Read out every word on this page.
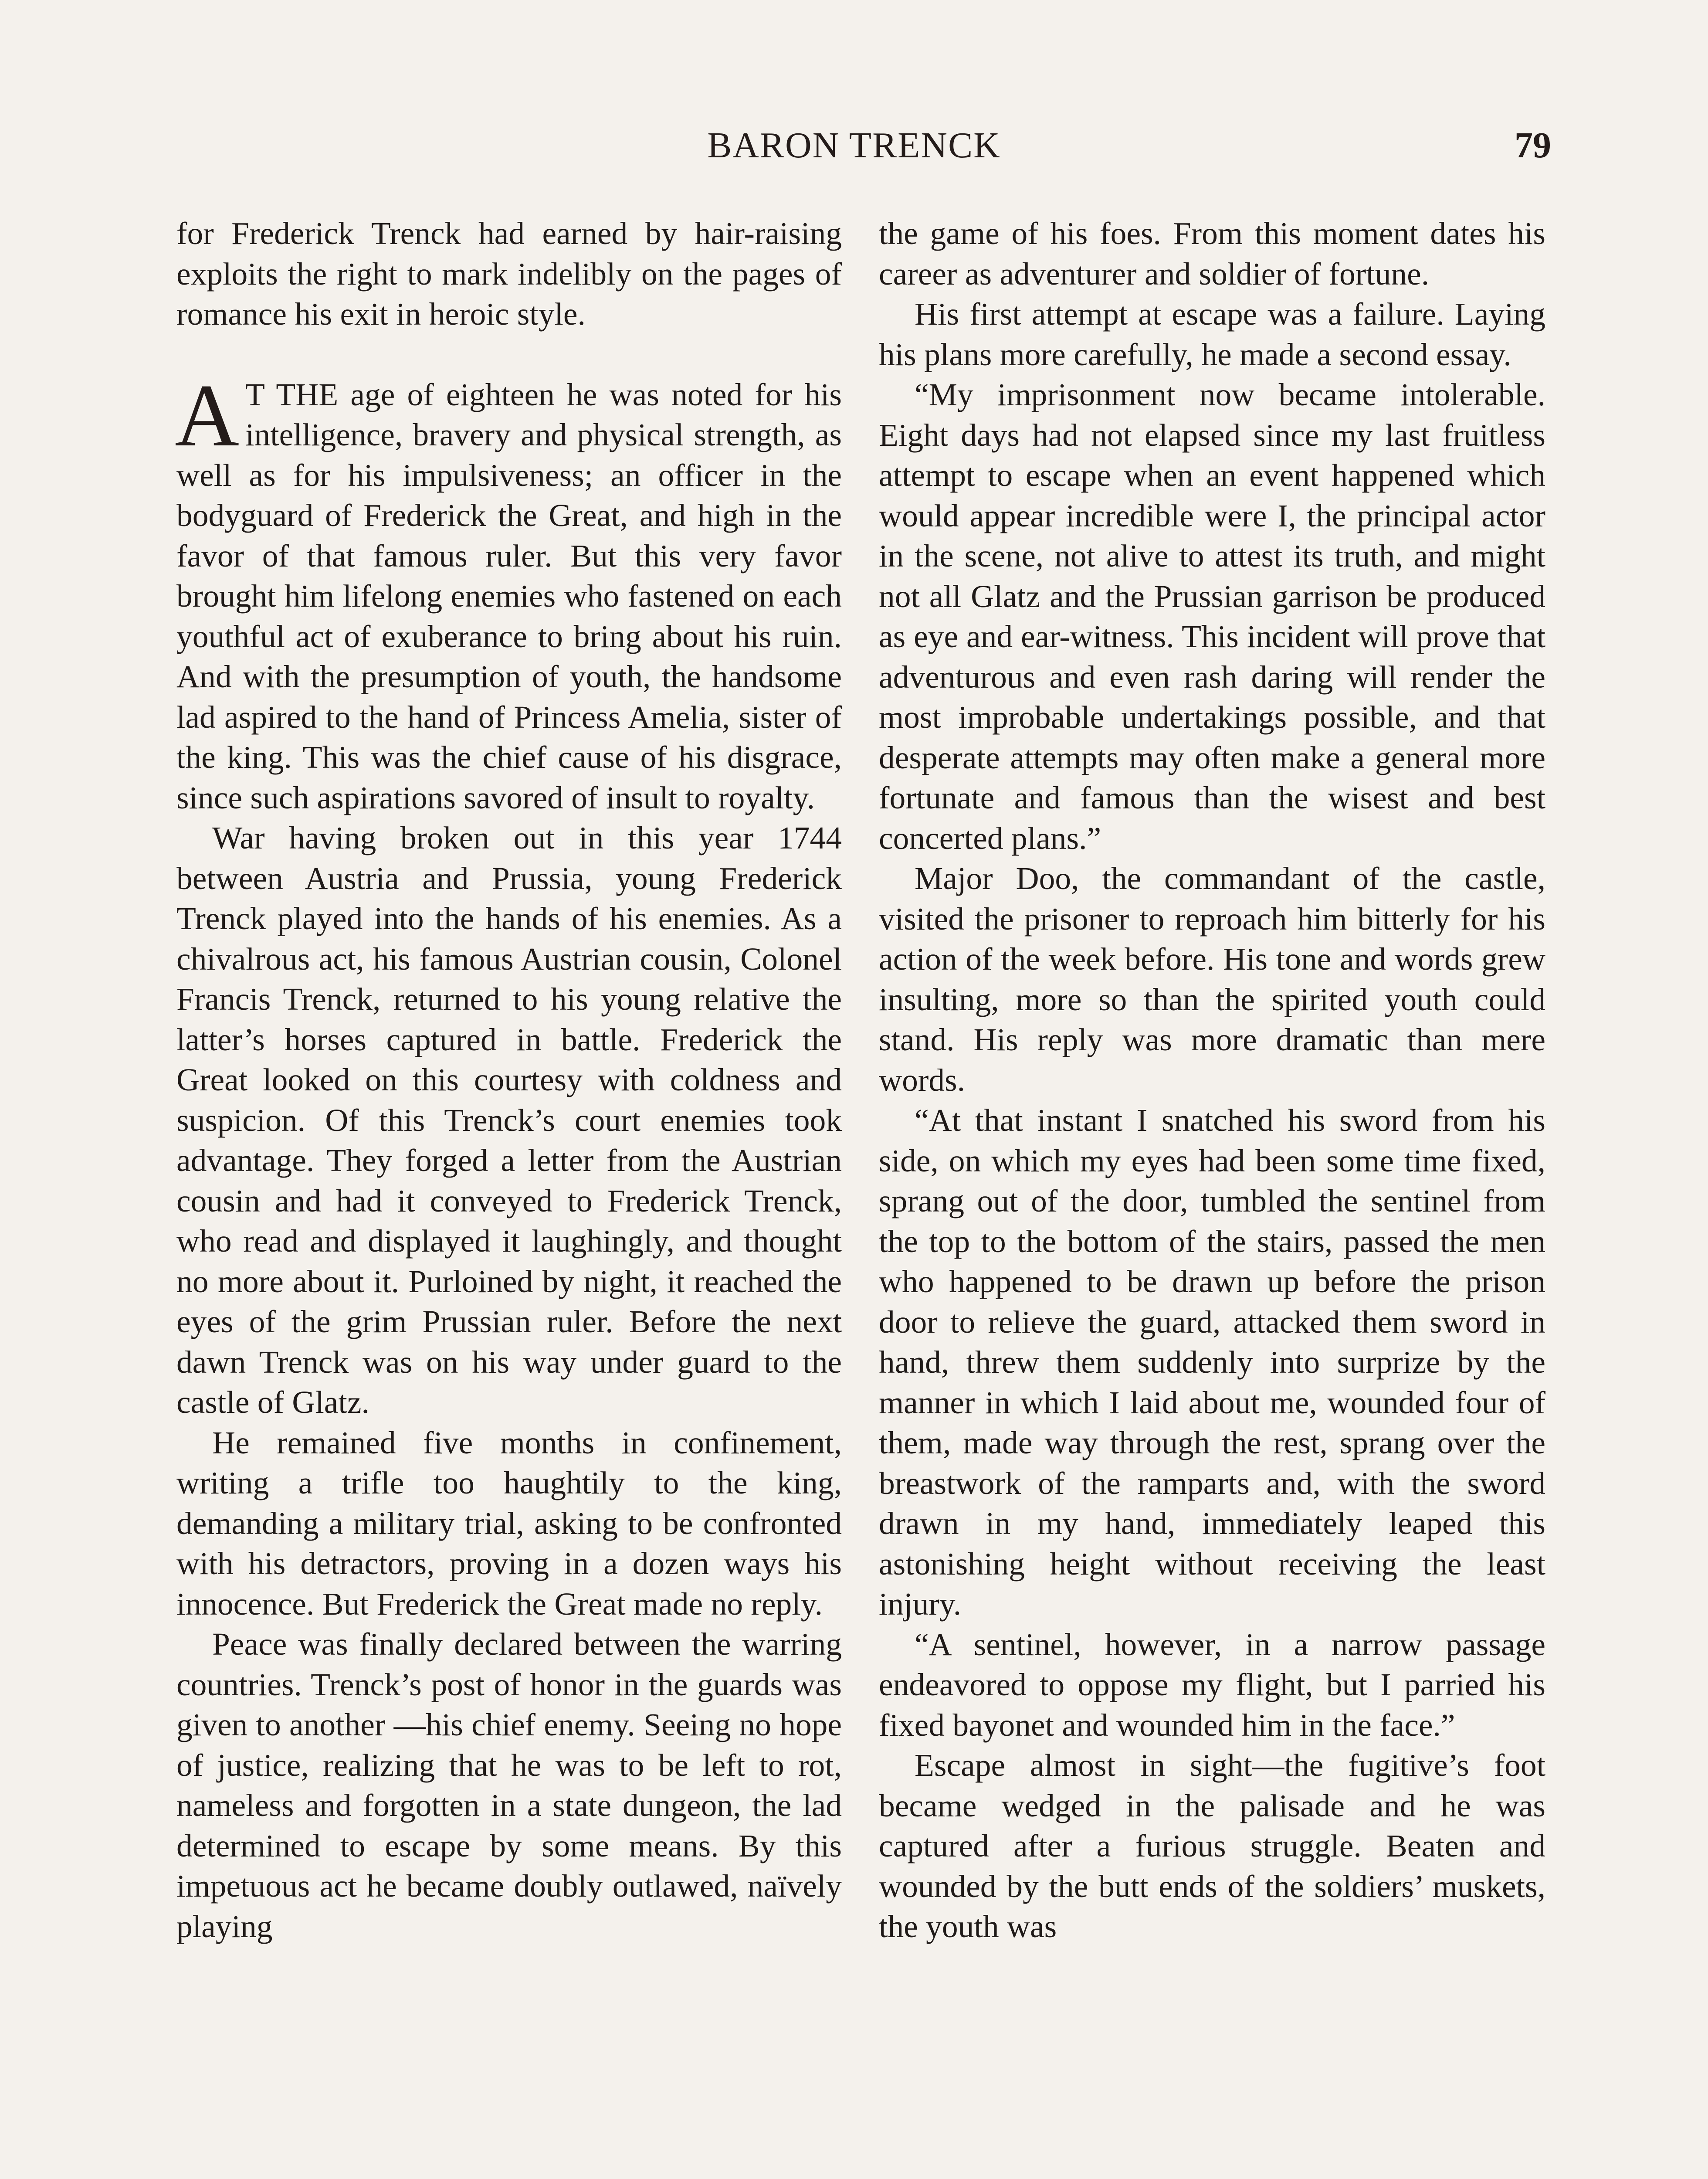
BARON TRENCK	79

for Frederick Trenck had earned by hair-raising exploits the right to mark indelibly on the pages of romance his exit in heroic style.

A T THE age of eighteen he was noted for his intelligence, bravery and physical strength, as well as for his impulsiveness; an officer in the bodyguard of Frederick the Great, and high in the favor of that famous ruler. But this very favor brought him lifelong enemies who fastened on each youthful act of exuberance to bring about his ruin. And with the presumption of youth, the handsome lad aspired to the hand of Princess Amelia, sister of the king. This was the chief cause of his disgrace, since such aspirations savored of insult to royalty.

War having broken out in this year 1744 between Austria and Prussia, young Frederick Trenck played into the hands of his enemies. As a chivalrous act, his famous Austrian cousin, Colonel Francis Trenck, returned to his young relative the latter’s horses captured in battle. Frederick the Great looked on this courtesy with coldness and suspicion. Of this Trenck’s court enemies took advantage. They forged a letter from the Austrian cousin and had it conveyed to Frederick Trenck, who read and displayed it laughingly, and thought no more about it. Purloined by night, it reached the eyes of the grim Prussian ruler. Before the next dawn Trenck was on his way under guard to the castle of Glatz.

He remained five months in confinement, writing a trifle too haughtily to the king, demanding a military trial, asking to be confronted with his detractors, proving in a dozen ways his innocence. But Frederick the Great made no reply.

Peace was finally declared between the warring countries. Trenck’s post of honor in the guards was given to another —his chief enemy. Seeing no hope of justice, realizing that he was to be left to rot, nameless and forgotten in a state dungeon, the lad determined to escape by some means. By this impetuous act he became doubly outlawed, naïvely playing

the game of his foes. From this moment dates his career as adventurer and soldier of fortune.

His first attempt at escape was a failure. Laying his plans more carefully, he made a second essay.

“My imprisonment now became intolerable. Eight days had not elapsed since my last fruitless attempt to escape when an event happened which would appear incredible were I, the principal actor in the scene, not alive to attest its truth, and might not all Glatz and the Prussian garrison be produced as eye and ear-witness. This incident will prove that adventurous and even rash daring will render the most improbable undertakings possible, and that desperate attempts may often make a general more fortunate and famous than the wisest and best concerted plans.”

Major Doo, the commandant of the castle, visited the prisoner to reproach him bitterly for his action of the week before. His tone and words grew insulting, more so than the spirited youth could stand. His reply was more dramatic than mere words.

“At that instant I snatched his sword from his side, on which my eyes had been some time fixed, sprang out of the door, tumbled the sentinel from the top to the bottom of the stairs, passed the men who happened to be drawn up before the prison door to relieve the guard, attacked them sword in hand, threw them suddenly into surprize by the manner in which I laid about me, wounded four of them, made way through the rest, sprang over the breastwork of the ramparts and, with the sword drawn in my hand, immediately leaped this astonishing height without receiving the least injury.

“A sentinel, however, in a narrow passage endeavored to oppose my flight, but I parried his fixed bayonet and wounded him in the face.”

Escape almost in sight—the fugitive’s foot became wedged in the palisade and he was captured after a furious struggle. Beaten and wounded by the butt ends of the soldiers’ muskets, the youth was
